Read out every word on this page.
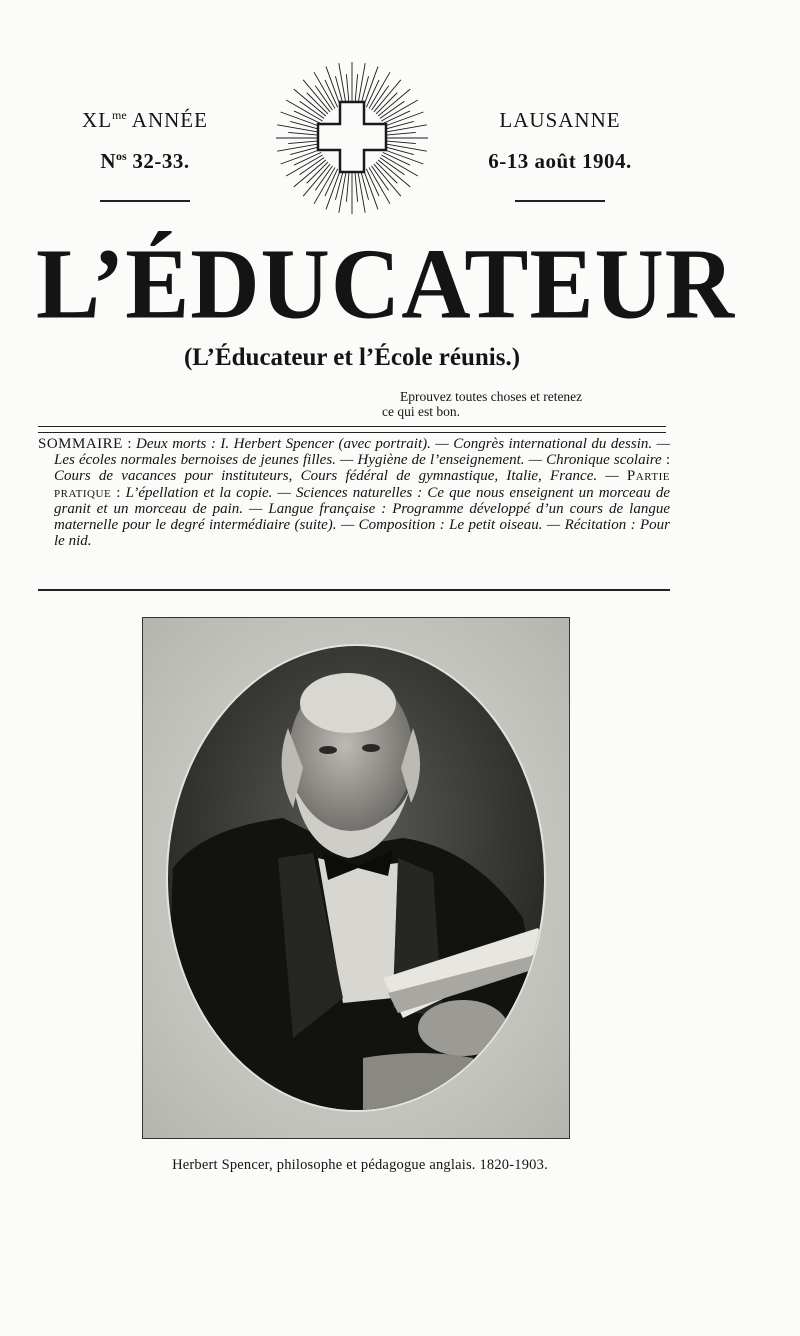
$XL^{me}$ ANNÉE
$N^{os}$ 32-33.
LAUSANNE
6-13 août 1904.
L’ÉDUCATEUR
(L’Éducateur et l’École réunis.)
Eprouvez toutes choses et retenez
ce qui est bon.
SOMMAIRE : Deux morts : I. Herbert Spencer (avec portrait). — Congrès international du dessin. — Les écoles normales bernoises de jeunes filles. — Hygiène de l’enseignement. — Chronique scolaire : Cours de vacances pour instituteurs, Cours fédéral de gymnastique, Italie, France. — Partie pratique : L’épellation et la copie. — Sciences naturelles : Ce que nous enseignent un morceau de granit et un morceau de pain. — Langue française : Programme développé d’un cours de langue maternelle pour le degré intermédiaire (suite). — Composition : Le petit oiseau. — Récitation : Pour le nid.
Herbert Spencer, philosophe et pédagogue anglais. 1820-1903.
